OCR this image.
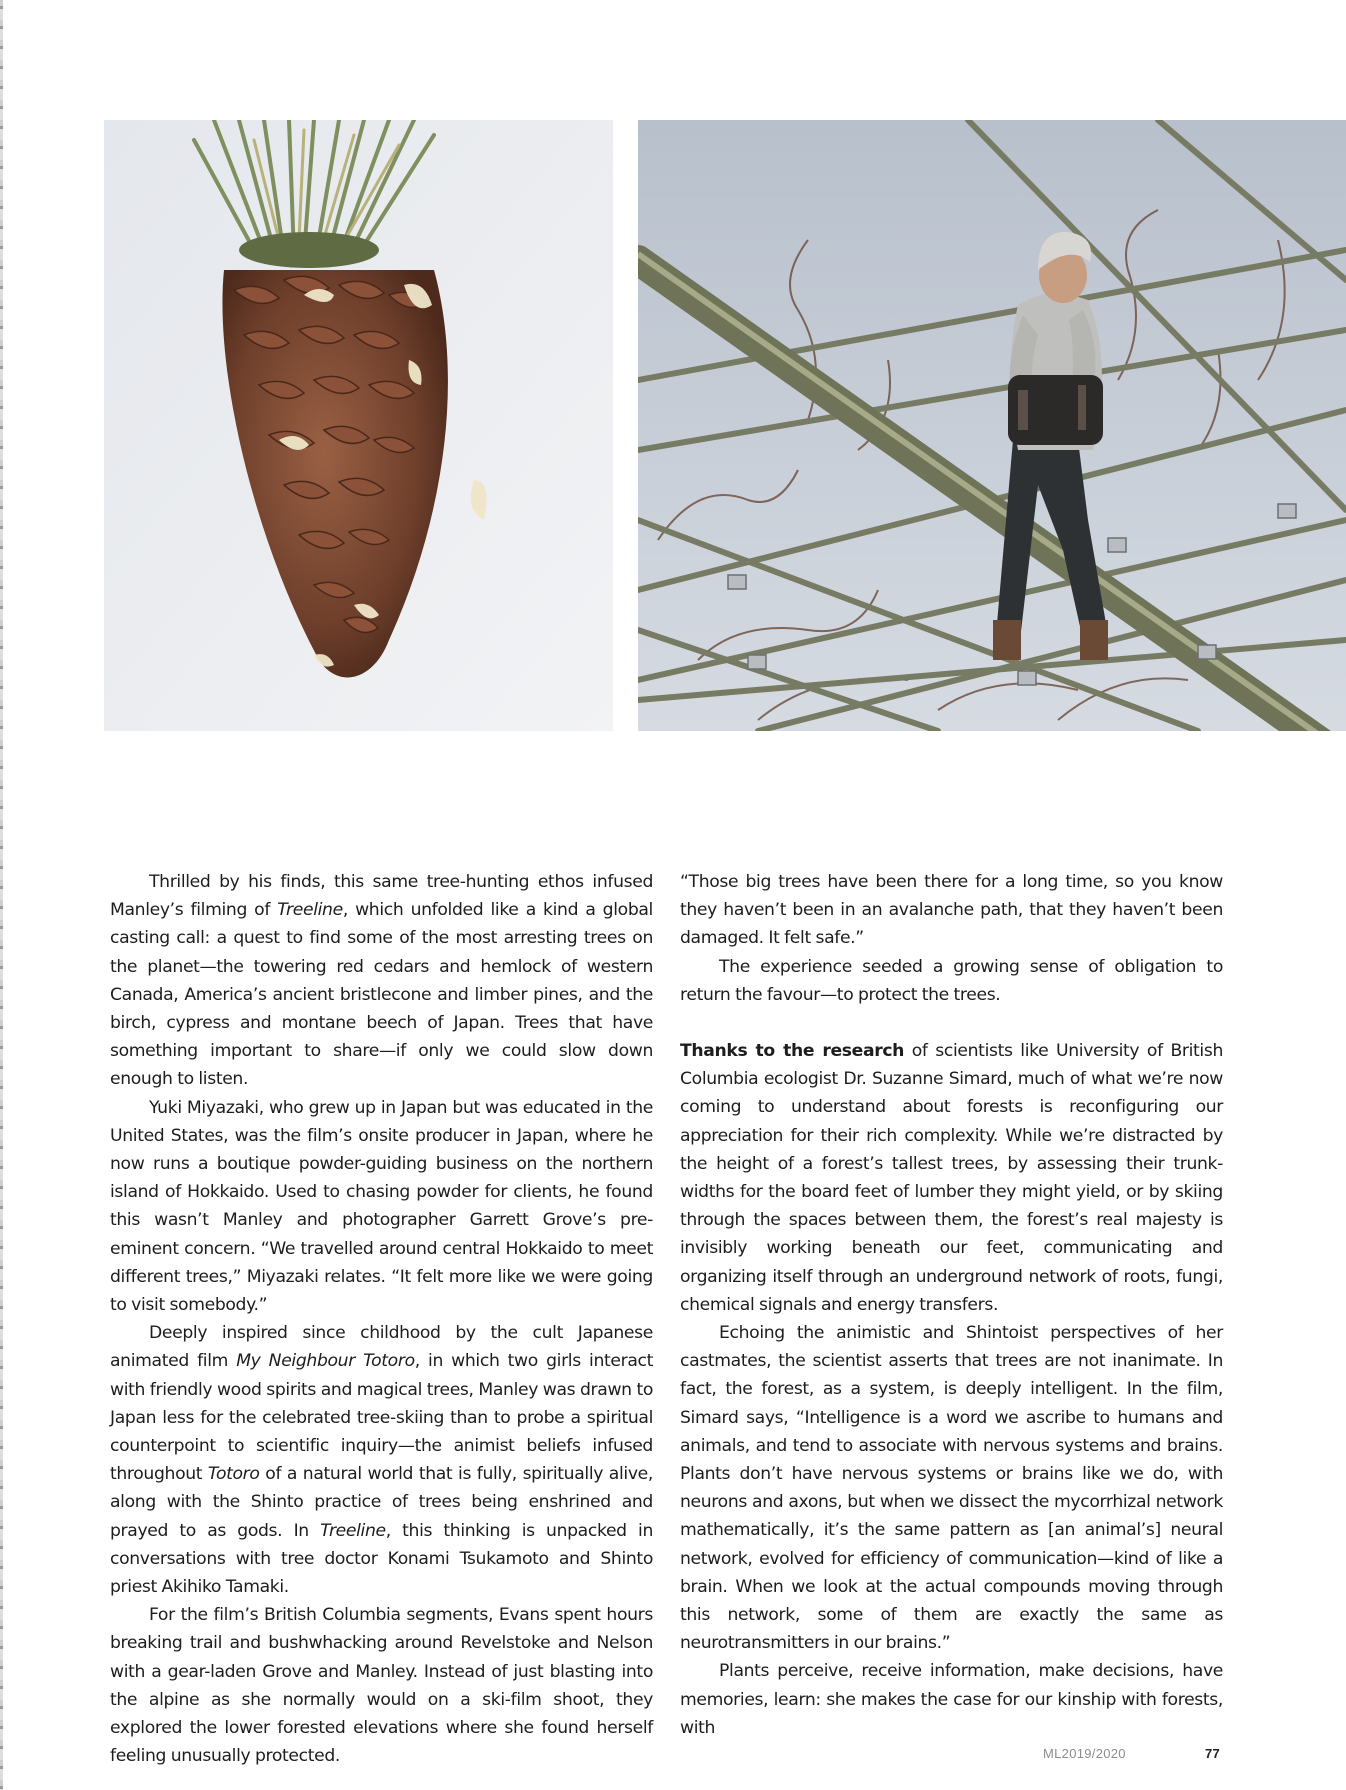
Thrilled by his finds, this same tree-hunting ethos infused Manley’s filming of Treeline, which unfolded like a kind a global casting call: a quest to find some of the most arresting trees on the planet—the towering red cedars and hemlock of western Canada, America’s ancient bristlecone and limber pines, and the birch, cypress and montane beech of Japan. Trees that have something important to share—if only we could slow down enough to listen.

Yuki Miyazaki, who grew up in Japan but was educated in the United States, was the film’s onsite producer in Japan, where he now runs a boutique powder-guiding business on the northern island of Hokkaido. Used to chasing powder for clients, he found this wasn’t Manley and photographer Garrett Grove’s pre-eminent concern. “We travelled around central Hokkaido to meet different trees,” Miyazaki relates. “It felt more like we were going to visit somebody.”

Deeply inspired since childhood by the cult Japanese animated film My Neighbour Totoro, in which two girls interact with friendly wood spirits and magical trees, Manley was drawn to Japan less for the celebrated tree-skiing than to probe a spiritual counterpoint to scientific inquiry—the animist beliefs infused throughout Totoro of a natural world that is fully, spiritually alive, along with the Shinto practice of trees being enshrined and prayed to as gods. In Treeline, this thinking is unpacked in conversations with tree doctor Konami Tsukamoto and Shinto priest Akihiko Tamaki.

For the film’s British Columbia segments, Evans spent hours breaking trail and bushwhacking around Revelstoke and Nelson with a gear-laden Grove and Manley. Instead of just blasting into the alpine as she normally would on a ski-film shoot, they explored the lower forested elevations where she found herself feeling unusually protected.

“Those big trees have been there for a long time, so you know they haven’t been in an avalanche path, that they haven’t been damaged. It felt safe.”

The experience seeded a growing sense of obligation to return the favour—to protect the trees.

Thanks to the research of scientists like University of British Columbia ecologist Dr. Suzanne Simard, much of what we’re now coming to understand about forests is reconfiguring our appreciation for their rich complexity. While we’re distracted by the height of a forest’s tallest trees, by assessing their trunk-widths for the board feet of lumber they might yield, or by skiing through the spaces between them, the forest’s real majesty is invisibly working beneath our feet, communicating and organizing itself through an underground network of roots, fungi, chemical signals and energy transfers.

Echoing the animistic and Shintoist perspectives of her castmates, the scientist asserts that trees are not inanimate. In fact, the forest, as a system, is deeply intelligent. In the film, Simard says, “Intelligence is a word we ascribe to humans and animals, and tend to associate with nervous systems and brains. Plants don’t have nervous systems or brains like we do, with neurons and axons, but when we dissect the mycorrhizal network mathematically, it’s the same pattern as [an animal’s] neural network, evolved for efficiency of communication—kind of like a brain. When we look at the actual compounds moving through this network, some of them are exactly the same as neurotransmitters in our brains.”

Plants perceive, receive information, make decisions, have memories, learn: she makes the case for our kinship with forests, with

ML2019/2020	77
